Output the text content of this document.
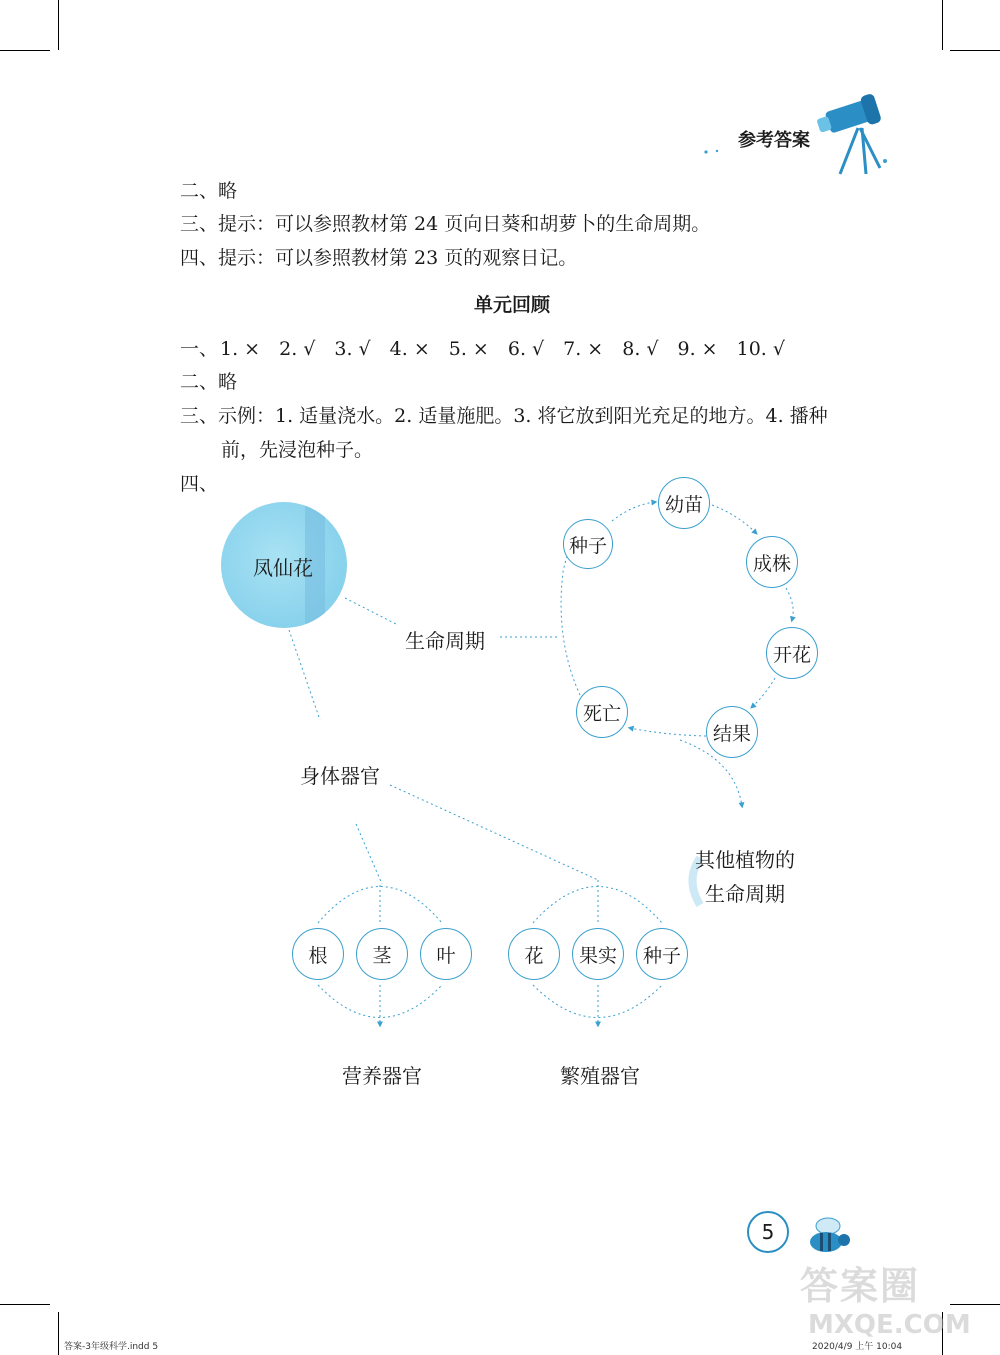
参考答案
二、略
三、提示：可以参照教材第 24 页向日葵和胡萝卜的生命周期。
四、提示：可以参照教材第 23 页的观察日记。
单元回顾
一、 1. × 2. √ 3. √ 4. × 5. × 6. √ 7. × 8. √ 9. × 10. √
二、略
三、示例：1. 适量浇水。2. 适量施肥。3. 将它放到阳光充足的地方。4. 播种
前，先浸泡种子。
四、
凤仙花
生命周期
种子
幼苗
成株
开花
结果
死亡
其他植物的
生命周期
身体器官
根	茎	叶	花	果实	种子
营养器官	繁殖器官
5
答案圈
MXQE.COM
答案-3年级科学.indd 5	2020/4/9 上午 10:04
